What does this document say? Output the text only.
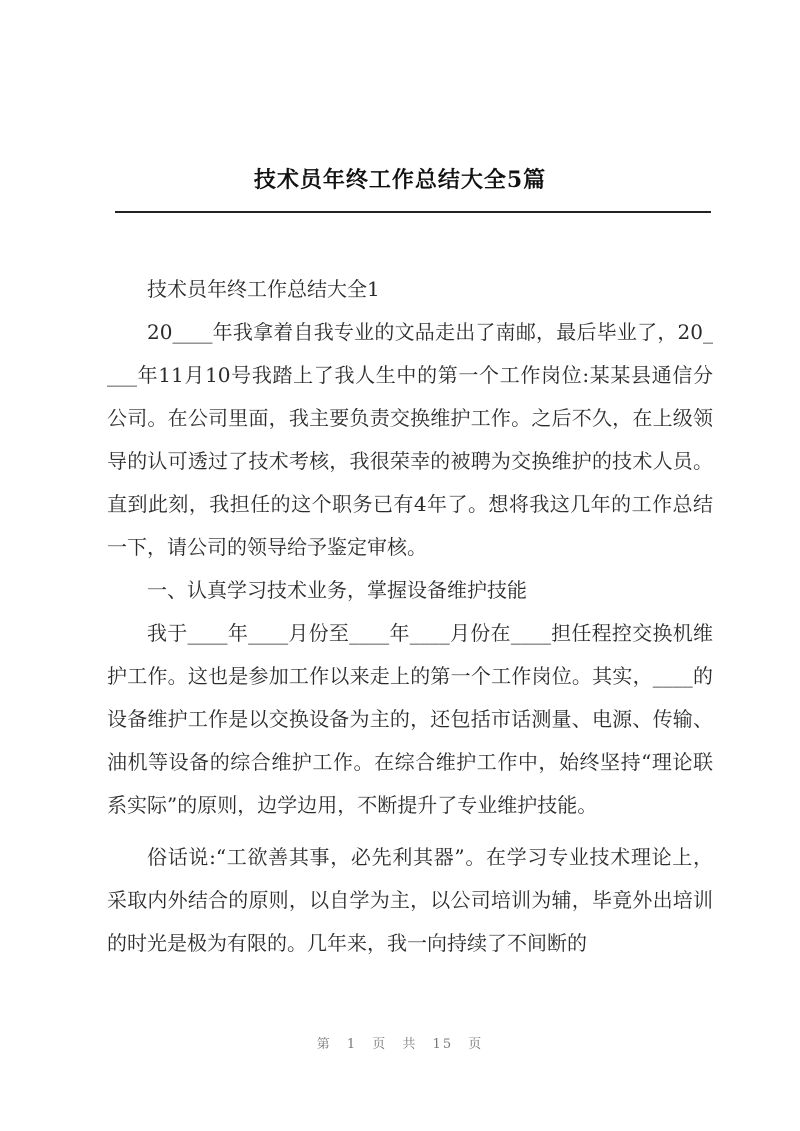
技术员年终工作总结大全5篇

技术员年终工作总结大全1

20____年我拿着自我专业的文品走出了南邮，最后毕业了，20____年11月10号我踏上了我人生中的第一个工作岗位:某某县通信分公司。在公司里面，我主要负责交换维护工作。之后不久，在上级领导的认可透过了技术考核，我很荣幸的被聘为交换维护的技术人员。直到此刻，我担任的这个职务已有4年了。想将我这几年的工作总结一下，请公司的领导给予鉴定审核。

一、认真学习技术业务，掌握设备维护技能

我于____年____月份至____年____月份在____担任程控交换机维护工作。这也是参加工作以来走上的第一个工作岗位。其实，____的设备维护工作是以交换设备为主的，还包括市话测量、电源、传输、油机等设备的综合维护工作。在综合维护工作中，始终坚持“理论联系实际”的原则，边学边用，不断提升了专业维护技能。

俗话说:“工欲善其事，必先利其器”。在学习专业技术理论上，采取内外结合的原则，以自学为主，以公司培训为辅，毕竟外出培训的时光是极为有限的。几年来，我一向持续了不间断的

第 1 页 共 15 页
